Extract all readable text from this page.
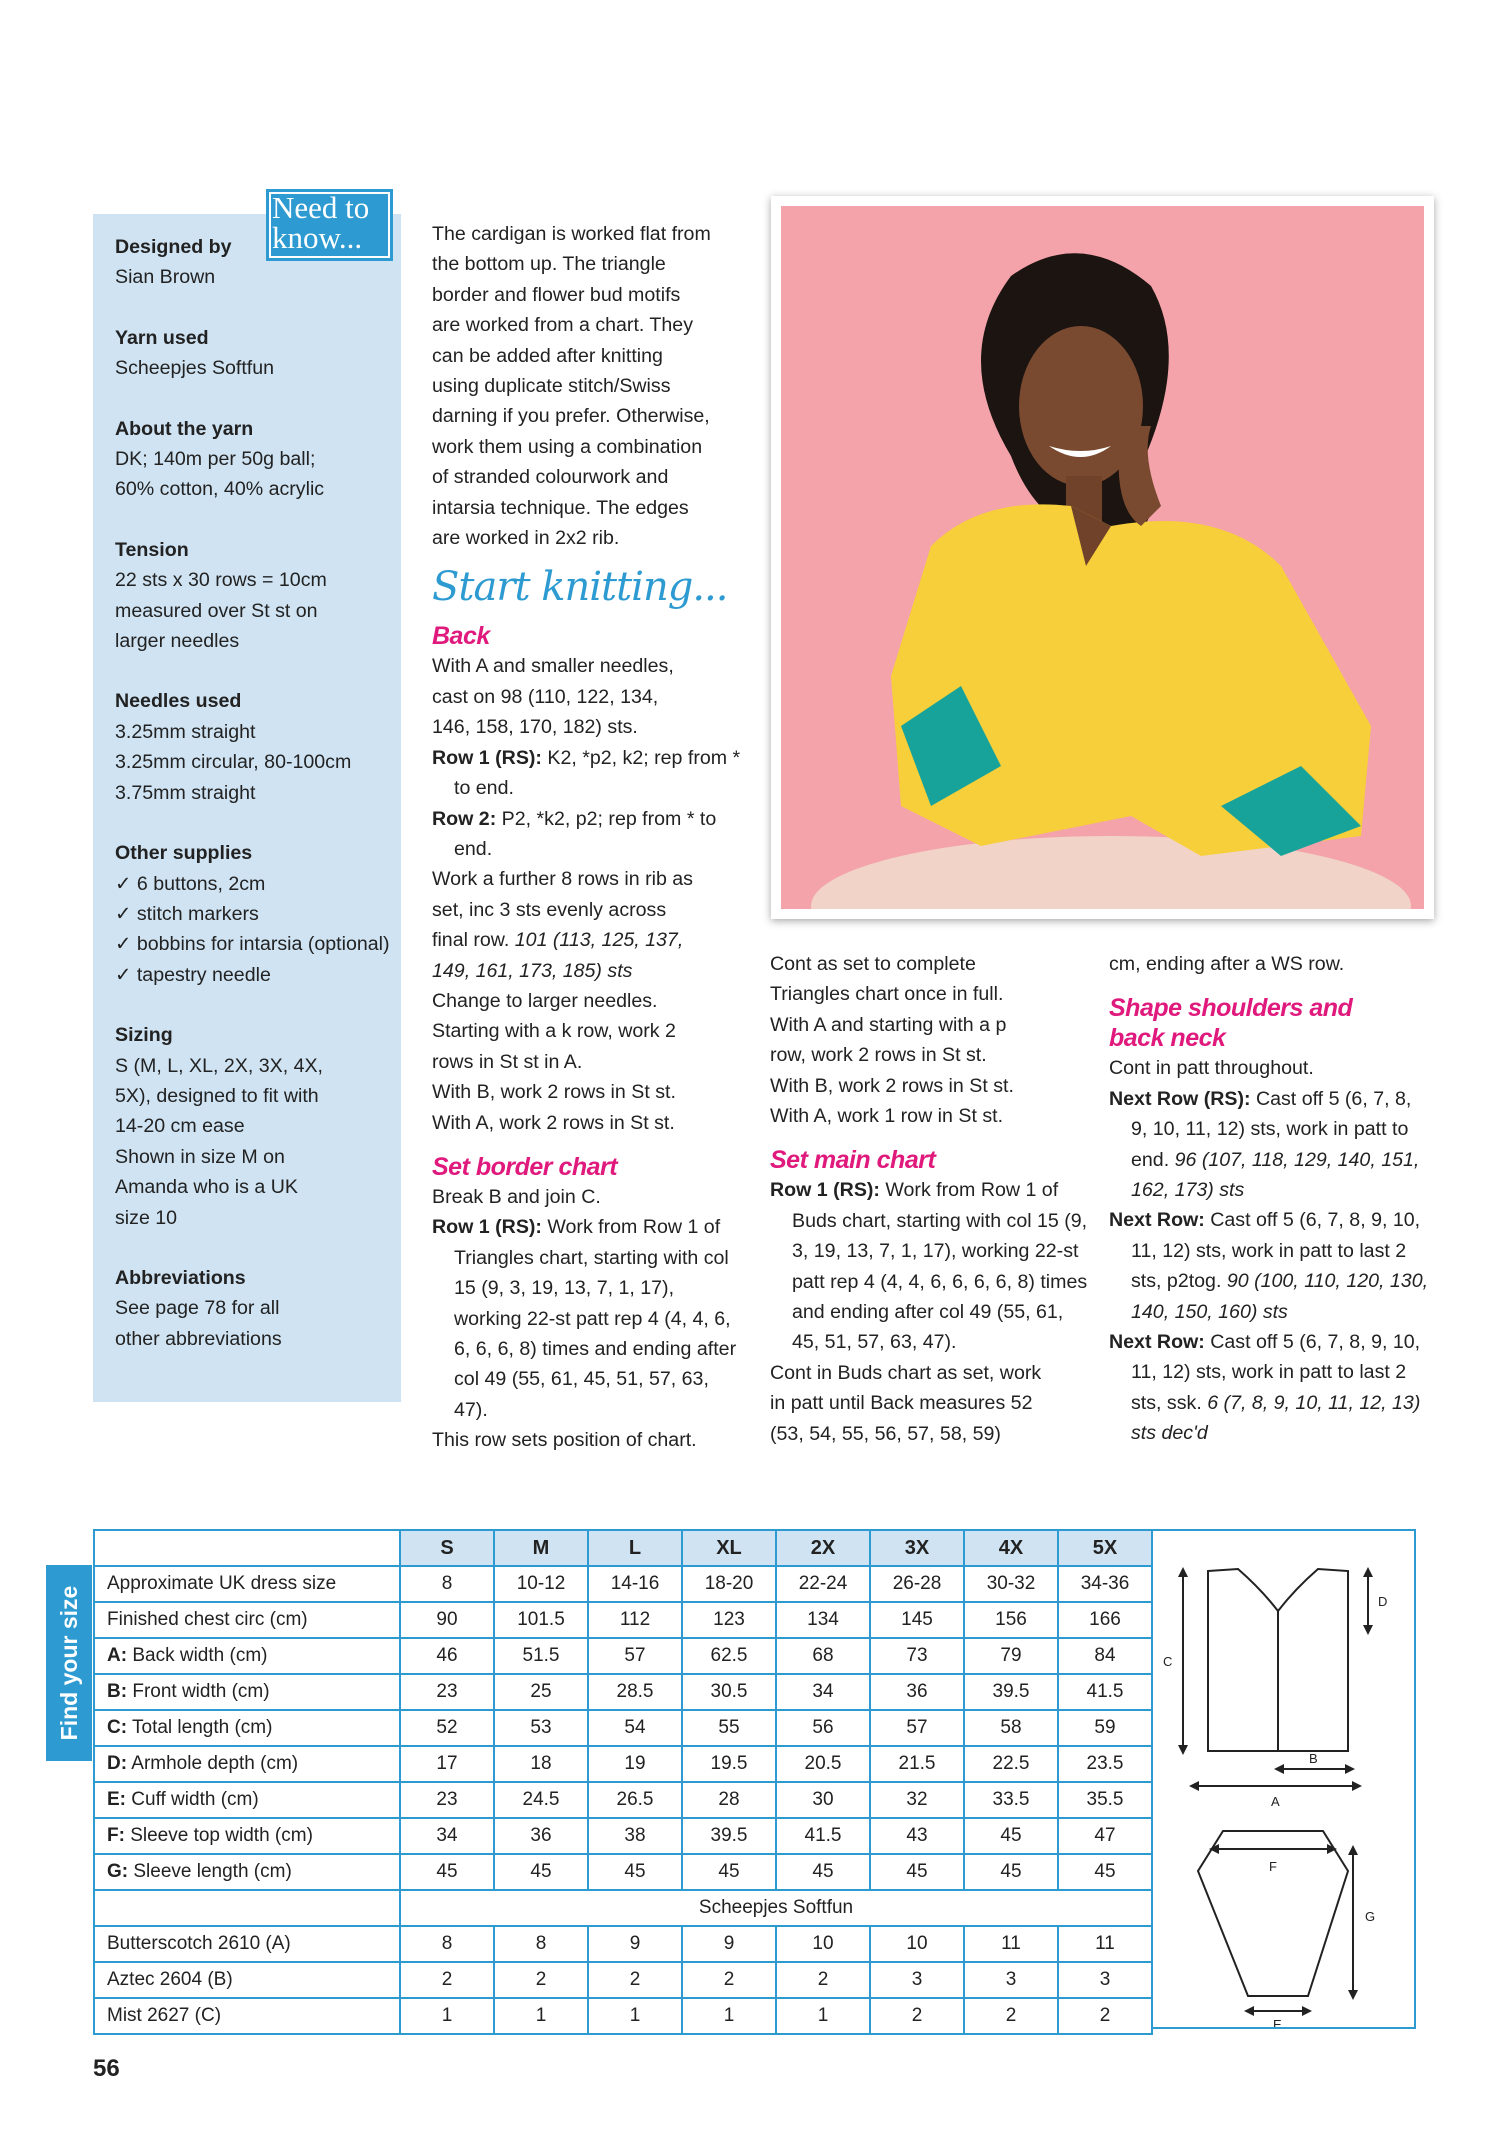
Designed by
Sian Brown
Yarn used
Scheepjes Softfun
About the yarn
DK; 140m per 50g ball;
60% cotton, 40% acrylic
Tension
22 sts x 30 rows = 10cm
measured over St st on
larger needles
Needles used
3.25mm straight
3.25mm circular, 80-100cm
3.75mm straight
Other supplies
✓ 6 buttons, 2cm
✓ stitch markers
✓ bobbins for intarsia (optional)
✓ tapestry needle
Sizing
S (M, L, XL, 2X, 3X, 4X,
5X), designed to fit with
14-20 cm ease
Shown in size M on
Amanda who is a UK
size 10
Abbreviations
See page 78 for all
other abbreviations
Need to
know...	The cardigan is worked flat from
the bottom up. The triangle
border and flower bud motifs
are worked from a chart. They
can be added after knitting
using duplicate stitch/Swiss
darning if you prefer. Otherwise,
work them using a combination
of stranded colourwork and
intarsia technique. The edges
are worked in 2x2 rib.
Start knitting...
Back
With A and smaller needles,
cast on 98 (110, 122, 134,
146, 158, 170, 182) sts.
Row 1 (RS): K2, *p2, k2; rep from * to end.
Row 2: P2, *k2, p2; rep from * to end.
Work a further 8 rows in rib as
set, inc 3 sts evenly across
final row. 101 (113, 125, 137,
149, 161, 173, 185) sts
Change to larger needles.
Starting with a k row, work 2
rows in St st in A.
With B, work 2 rows in St st.
With A, work 2 rows in St st.
Set border chart
Break B and join C.
Row 1 (RS): Work from Row 1 of Triangles chart, starting with col 15 (9, 3, 19, 13, 7, 1, 17), working 22-st patt rep 4 (4, 4, 6, 6, 6, 6, 8) times and ending after col 49 (55, 61, 45, 51, 57, 63, 47).
This row sets position of chart.
Cont as set to complete
Triangles chart once in full.
With A and starting with a p
row, work 2 rows in St st.
With B, work 2 rows in St st.
With A, work 1 row in St st.
Set main chart
Row 1 (RS): Work from Row 1 of Buds chart, starting with col 15 (9, 3, 19, 13, 7, 1, 17), working 22-st patt rep 4 (4, 4, 6, 6, 6, 6, 8) times and ending after col 49 (55, 61, 45, 51, 57, 63, 47).
Cont in Buds chart as set, work
in patt until Back measures 52
(53, 54, 55, 56, 57, 58, 59)
cm, ending after a WS row.
Shape shoulders and
back neck
Cont in patt throughout.
Next Row (RS): Cast off 5 (6, 7, 8, 9, 10, 11, 12) sts, work in patt to end. 96 (107, 118, 129, 140, 151, 162, 173) sts
Next Row: Cast off 5 (6, 7, 8, 9, 10, 11, 12) sts, work in patt to last 2 sts, p2tog. 90 (100, 110, 120, 130, 140, 150, 160) sts
Next Row: Cast off 5 (6, 7, 8, 9, 10, 11, 12) sts, work in patt to last 2 sts, ssk. 6 (7, 8, 9, 10, 11, 12, 13) sts dec'd
Find your size
	S	M	L	XL	2X	3X	4X	5X
Approximate UK dress size	8	10-12	14-16	18-20	22-24	26-28	30-32	34-36
Finished chest circ (cm)	90	101.5	112	123	134	145	156	166
A: Back width (cm)	46	51.5	57	62.5	68	73	79	84
B: Front width (cm)	23	25	28.5	30.5	34	36	39.5	41.5
C: Total length (cm)	52	53	54	55	56	57	58	59
D: Armhole depth (cm)	17	18	19	19.5	20.5	21.5	22.5	23.5
E: Cuff width (cm)	23	24.5	26.5	28	30	32	33.5	35.5
F: Sleeve top width (cm)	34	36	38	39.5	41.5	43	45	47
G: Sleeve length (cm)	45	45	45	45	45	45	45	45
	Scheepjes Softfun							
Butterscotch 2610 (A)	8	8	9	9	10	10	11	11
Aztec 2604 (B)	2	2	2	2	2	3	3	3
Mist 2627 (C)	1	1	1	1	1	2	2	2
C
D
B
A
F
G
E
56
